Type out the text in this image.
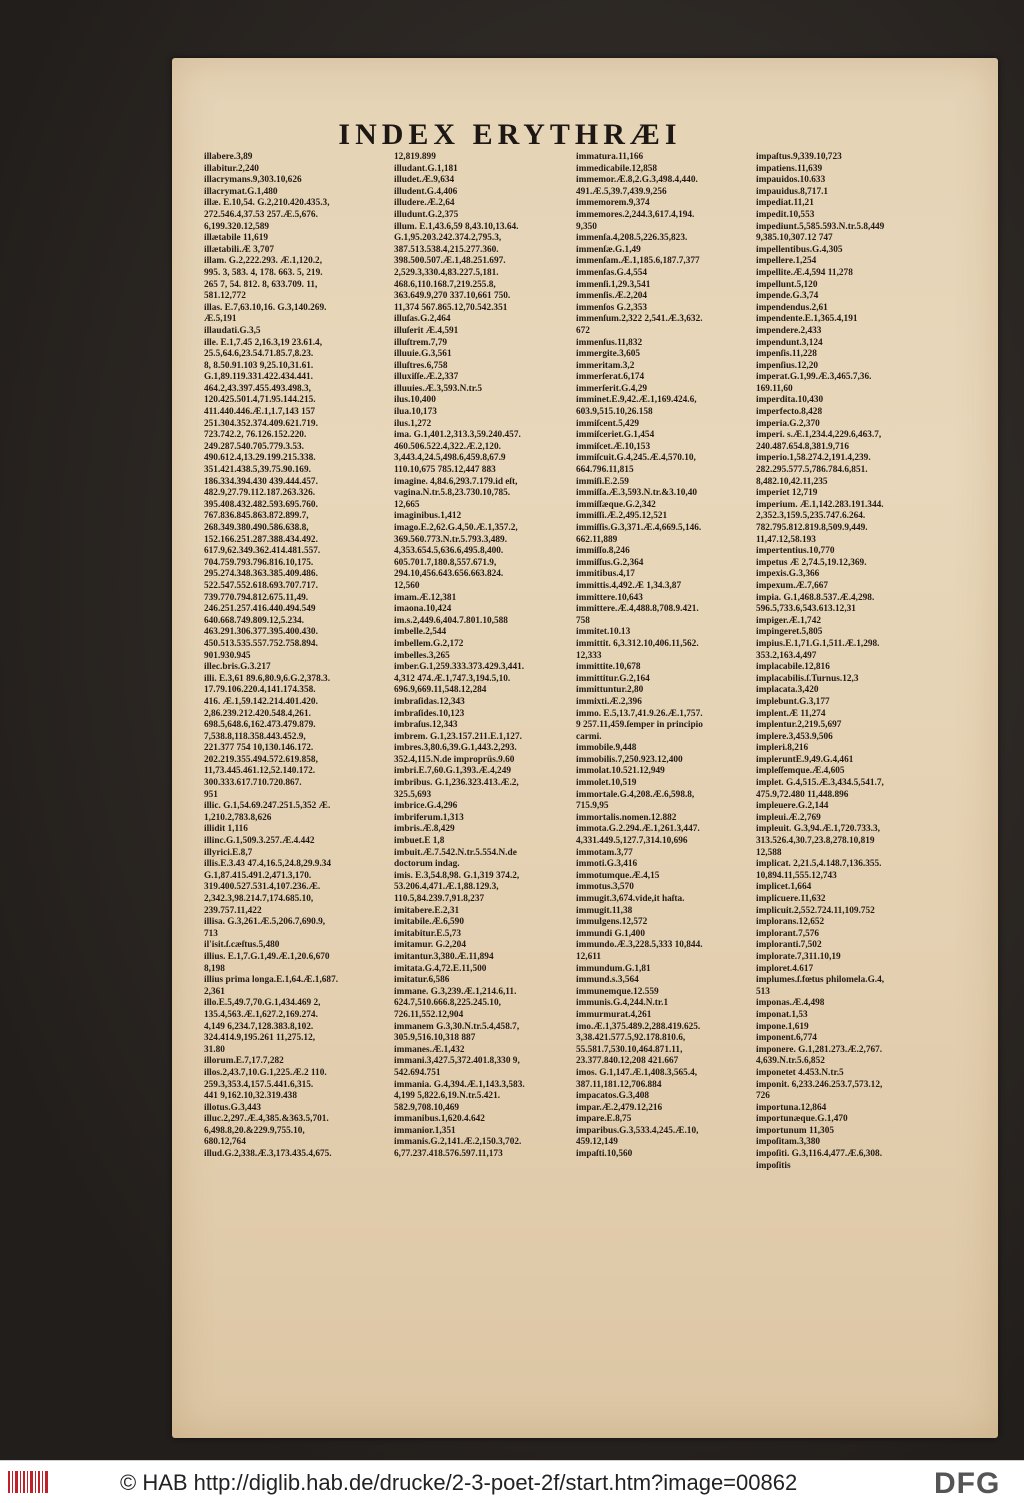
INDEX ERYTHRÆI
illabere.3,89
illabitur.2,240
illacrymans.9,303.10,626
illacrymat.G.1,480
illæ. E.10,54. G.2,210.420.435.3,
272.546.4,37.53 257.Æ.5,676.
6,199.320.12,589
illætabile 11,619
illætabili.Æ 3,707
illam. G.2,222.293. Æ.1,120.2,
995. 3, 583. 4, 178. 663. 5, 219.
265 7, 54. 812. 8, 633.709. 11,
581.12,772
illas. E.7,63.10,16. G.3,140.269.
Æ.5,191
illaudati.G.3,5
ille. E.1,7.45 2,16.3,19 23.61.4,
25.5,64.6,23.54.71.85.7,8.23.
8, 8.50.91.103 9,25.10,31.61.
G.1,89.119.331.422.434.441.
464.2,43.397.455.493.498.3,
120.425.501.4,71.95.144.215.
411.440.446.Æ.1,1.7,143 157
251.304.352.374.409.621.719.
723.742.2, 76.126.152.220.
249.287.540.705.779.3.53.
490.612.4,13.29.199.215.338.
351.421.438.5,39.75.90.169.
186.334.394.430 439.444.457.
482.9,27.79.112.187.263.326.
395.408.432.482.593.695.760.
767.836.845.863.872.899.7,
268.349.380.490.586.638.8,
152.166.251.287.388.434.492.
617.9,62.349.362.414.481.557.
704.759.793.796.816.10,175.
295.274.348.363.385.409.486.
522.547.552.618.693.707.717.
739.770.794.812.675.11,49.
246.251.257.416.440.494.549
640.668.749.809.12,5.234.
463.291.306.377.395.400.430.
450.513.535.557.752.758.894.
901.930.945
illec.bris.G.3.217
illi. E.3,61 89.6,80.9,6.G.2,378.3.
17.79.106.220.4,141.174.358.
416. Æ.1,59.142.214.401.420.
2,86.239.212.420.548.4,261.
698.5,648.6,162.473.479.879.
7,538.8,118.358.443.452.9,
221.377 754 10,130.146.172.
202.219.355.494.572.619.858,
11,73.445.461.12,52.140.172.
300.333.617.710.720.867.
951
illic. G.1,54.69.247.251.5,352 Æ.
1,210.2,783.8,626
illidit 1,116
illinc.G.1,509.3.257.Æ.4.442
illyrici.E.8,7
illis.E.3.43 47.4,16.5,24.8,29.9.34
G.1,87.415.491.2,471.3,170.
319.400.527.531.4,107.236.Æ.
2,342.3,98.214.7,174.685.10,
239.757.11,422
illisa. G.3,261.Æ.5,206.7,690.9,
713
il'isit.ſ.cæſtus.5,480
illius. E.1,7.G.1,49.Æ.1,20.6,670
8,198
illius prima longa.E.1,64.Æ.1,687.
2,361
illo.E.5,49.7,70.G.1,434.469 2,
135.4,563.Æ.1,627.2,169.274.
4,149 6,234.7,128.383.8,102.
324.414.9,195.261 11,275.12,
31.80
illorum.E.7,17.7,282
illos.2,43.7,10.G.1,225.Æ.2 110.
259.3,353.4,157.5.441.6,315.
441 9,162.10,32.319.438
illotus.G.3,443
illuc.2,297.Æ.4,385.&363.5,701.
6,498.8,20.&229.9,755.10,
680.12,764
illud.G.2,338.Æ.3,173.435.4,675.
12,819.899
illudant.G.1,181
illudet.Æ.9,634
illudent.G.4,406
illudere.Æ.2,64
illudunt.G.2,375
illum. E.1,43.6,59 8,43.10,13.64.
G.1,95.203.242.374.2,795.3,
387.513.538.4,215.277.360.
398.500.507.Æ.1,48.251.697.
2,529.3,330.4,83.227.5,181.
468.6,110.168.7,219.255.8,
363.649.9,270 337.10,661 750.
11,374 567.865.12,70.542.351
illuſas.G.2,464
illuſerit Æ.4,591
illuſtrem.7,79
illuuie.G.3,561
illuſtres.6,758
illuxiſſe.Æ.2,337
illuuies.Æ.3,593.N.tr.5
ilus.10,400
ilua.10,173
ilus.1,272
ima. G.1,401.2,313.3,59.240.457.
460.506.522.4,322.Æ.2,120.
3,443.4,24.5,498.6,459.8,67.9
110.10,675 785.12,447 883
imagine. 4,84.6,293.7.179.id eſt,
vagina.N.tr.5.8,23.730.10,785.
12,665
imaginibus.1,412
imago.E.2,62.G.4,50.Æ.1,357.2,
369.560.773.N.tr.5.793.3,489.
4,353.654.5,636.6,495.8,400.
605.701.7,180.8,557.671.9,
294.10,456.643.656.663.824.
12,560
imam.Æ.12,381
imaona.10,424
im.s.2,449.6,404.7.801.10,588
imbelle.2,544
imbellem.G.2,172
imbelles.3,265
imber.G.1,259.333.373.429.3,441.
4,312 474.Æ.1,747.3,194.5,10.
696.9,669.11,548.12,284
imbraſidas.12,343
imbraſides.10,123
imbraſus.12,343
imbrem. G.1,23.157.211.E.1,127.
imbres.3,80.6,39.G.1,443.2,293.
352.4,115.N.de improprüs.9.60
imbri.E.7,60.G.1,393.Æ.4,249
imbribus. G.1,236.323.413.Æ.2,
325.5,693
imbrice.G.4,296
imbriferum.1,313
imbris.Æ.8,429
imbuet.E 1,8
imbuit.Æ.7.542.N.tr.5.554.N.de
doctorum indag.
imis. E.3,54.8,98. G.1,319 374.2,
53.206.4,471.Æ.1,88.129.3,
110.5,84.239.7,91.8,237
imitabere.E.2,31
imitabile.Æ.6,590
imitabitur.E.5,73
imitamur. G.2,204
imitantur.3,380.Æ.11,894
imitata.G.4,72.E.11,500
imitatur.6,586
immane. G.3,239.Æ.1,214.6,11.
624.7,510.666.8,225.245.10,
726.11,552.12,904
immanem G.3,30.N.tr.5.4,458.7,
305.9,516.10,318 887
immanes.Æ.1,432
immani.3,427.5,372.401.8,330 9,
542.694.751
immania. G.4,394.Æ.1,143.3,583.
4,199 5,822.6,19.N.tr.5.421.
582.9,708.10,469
immanibus.1,620.4.642
immanior.1,351
immanis.G.2,141.Æ.2,150.3,702.
6,77.237.418.576.597.11,173
immatura.11,166
immedicabile.12,858
immemor.Æ.8,2.G.3,498.4,440.
491.Æ.5,39.7,439.9,256
immemorem.9,374
immemores.2,244.3,617.4,194.
9,350
immenſa.4,208.5,226.35,823.
immenſæ.G.1,49
immenſam.Æ.1,185.6,187.7,377
immenſas.G.4,554
immenſi.1,29.3,541
immenſis.Æ.2,204
immenſos G.2,353
immenſum.2,322 2,541.Æ.3,632.
672
immenſus.11,832
immergite.3,605
immeritam.3,2
immerſerat.6,174
immerſerit.G.4,29
imminet.E.9,42.Æ.1,169.424.6,
603.9,515.10,26.158
immiſcent.5,429
immiſceriet.G.1,454
immiſcet.Æ.10,153
immiſcuit.G.4,245.Æ.4,570.10,
664.796.11,815
immiſi.E.2.59
immiſſa.Æ.3,593.N.tr.&3.10,40
immiſſæque.G.2,342
immiſſi.Æ.2,495.12,521
immiſſis.G.3,371.Æ.4,669.5,146.
662.11,889
immiſſo.8,246
immiſſus.G.2,364
immitibus.4,17
immittis.4,492.Æ 1,34.3,87
immittere.10,643
immittere.Æ.4,488.8,708.9.421.
758
immitet.10.13
immittit. 6,3.312.10,406.11,562.
12,333
immittite.10,678
immittitur.G.2,164
immittuntur.2,80
immixti.Æ.2,396
immo. E.5,13.7,41.9.26.Æ.1,757.
9 257.11,459.ſemper in principio
carmi.
immobile.9,448
immobilis.7,250.923.12,400
immolat.10.521.12,949
immolet.10,519
immortale.G.4,208.Æ.6,598.8,
715.9,95
immortalis.nomen.12.882
immota.G.2.294.Æ.1,261.3,447.
4,331.449.5,127.7,314.10,696
immotam.3,77
immoti.G.3,416
immotumque.Æ.4,15
immotus.3,570
immugit.3,674.vide,it haſta.
immugit.11,38
immulgens.12,572
immundi G.1,400
immundo.Æ.3,228.5,333 10,844.
12,611
immundum.G.1,81
immund.s.3,564
immunemque.12.559
immunis.G.4,244.N.tr.1
immurmurat.4,261
imo.Æ.1,375.489.2,288.419.625.
3,38.421.577.5,92.178.810.6,
55.581.7,530.10,464.871.11,
23.377.840.12,208 421.667
imos. G.1,147.Æ.1,408.3,565.4,
387.11,181.12,706.884
impacatos.G.3,408
impar.Æ.2,479.12,216
impare.E.8,75
imparibus.G.3,533.4,245.Æ.10,
459.12,149
impaſti.10,560
impaſtus.9,339.10,723
impatiens.11,639
impauidos.10.633
impauidus.8,717.1
impediat.11,21
impedit.10,553
impediunt.5,585.593.N.tr.5.8,449
9,385.10,307.12 747
impellentibus.G.4,305
impellere.1,254
impellite.Æ.4,594 11,278
impellunt.5,120
impende.G.3,74
impendendus.2,61
impendente.E.1,365.4,191
impendere.2,433
impendunt.3,124
impenſis.11,228
impenſius.12,20
imperat.G.1,99.Æ.3,465.7,36.
169.11,60
imperdita.10,430
imperfecto.8,428
imperia.G.2,370
imperi. s.Æ.1,234.4,229.6,463.7,
240.487.654.8,381.9,716
imperio.1,58.274.2,191.4,239.
282.295.577.5,786.784.6,851.
8,482.10,42.11,235
imperiet 12,719
imperium. Æ.1,142.283.191.344.
2,352.3,159.5,235.747.6.264.
782.795.812.819.8,509.9,449.
11,47.12,58.193
impertentius.10,770
impetus Æ 2,74.5,19.12,369.
impexis.G.3,366
impexum.Æ.7,667
impia. G.1,468.8.537.Æ.4,298.
596.5,733.6,543.613.12,31
impiger.Æ.1,742
impingeret.5,805
impius.E.1,71.G.1,511.Æ.1,298.
353.2,163.4,497
implacabile.12,816
implacabilis.ſ.Turnus.12,3
implacata.3,420
implebunt.G.3,177
implent.Æ 11,274
implentur.2,219.5,697
implere.3,453.9,506
impleri.8,216
impleruntE.9,49.G.4,461
impleſſemque.Æ.4,605
implet. G.4,515.Æ.3,434.5,541.7,
475.9,72.480 11,448.896
impleuere.G.2,144
impleui.Æ.2,769
impleuit. G.3,94.Æ.1,720.733.3,
313.526.4,30.7,23.8,278.10,819
12,588
implicat. 2,21.5,4.148.7,136.355.
10,894.11,555.12,743
implicet.1,664
implicuere.11,632
implicuit.2,552.724.11,109.752
implorans.12,652
implorant.7,576
imploranti.7,502
implorate.7,311.10,19
imploret.4.617
implumes.ſ.fœtus philomela.G.4,
513
imponas.Æ.4,498
imponat.1,53
impone.1,619
imponent.6,774
imponere. G.1,281.273.Æ.2,767.
4,639.N.tr.5.6,852
imponetet 4.453.N.tr.5
imponit. 6,233.246.253.7,573.12,
726
importuna.12,864
importunæque.G.1,470
importunum 11,305
impoſitam.3,380
impoſiti. G.3,116.4,477.Æ.6,308.
impoſitis
© HAB http://diglib.hab.de/drucke/2-3-poet-2f/start.htm?image=00862	DFG
